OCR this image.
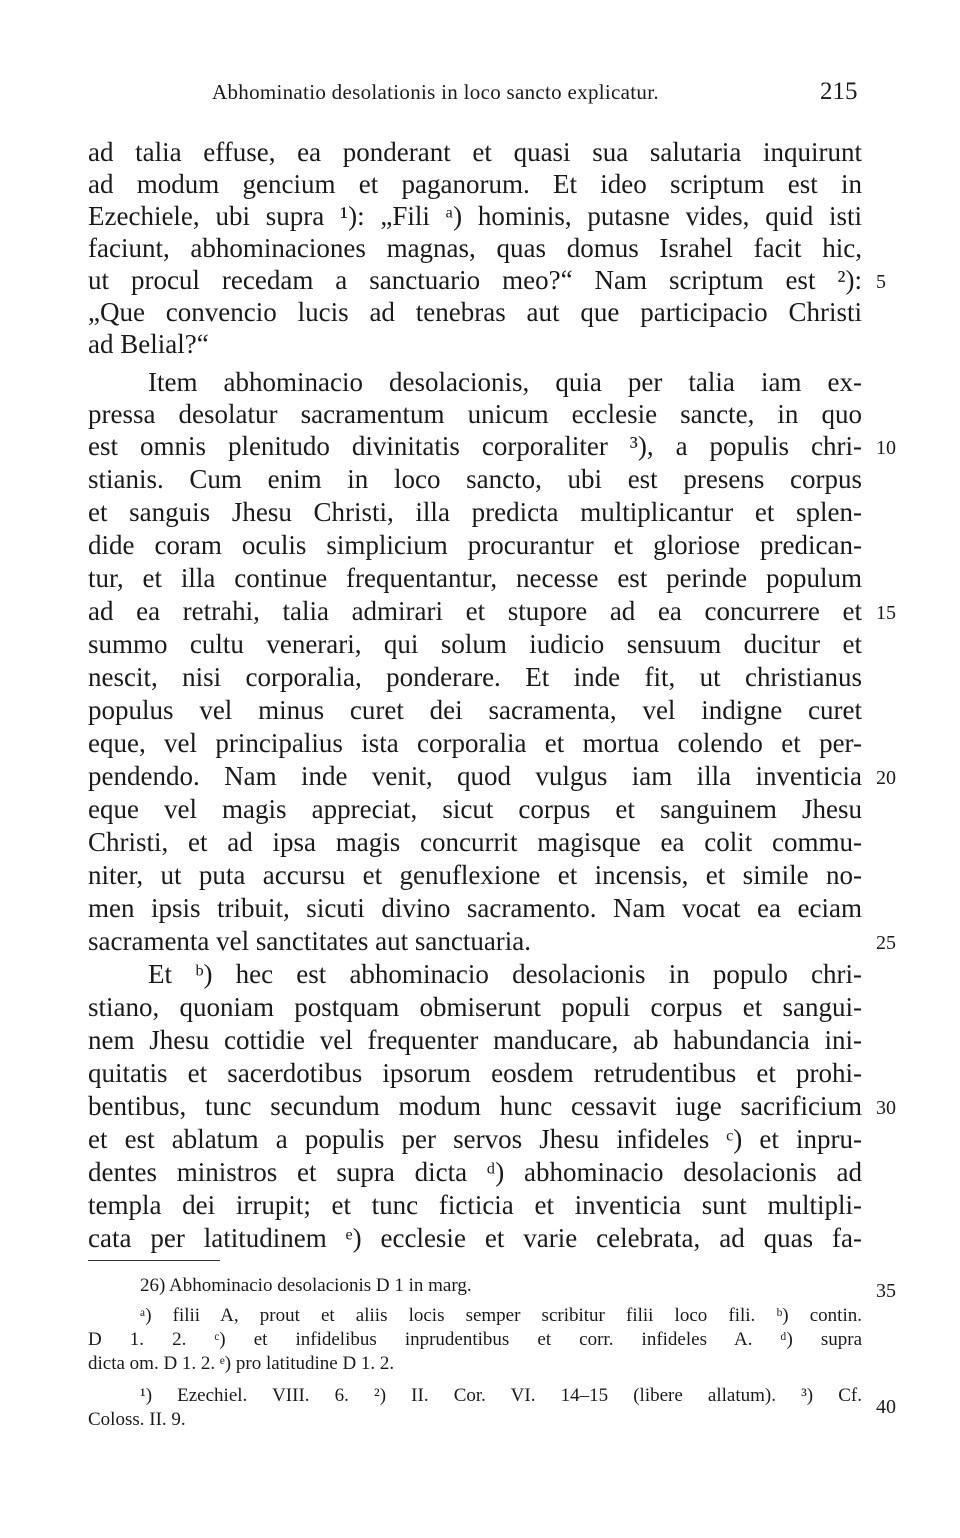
Abhominatio desolationis in loco sancto explicatur.	215
ad talia effuse, ea ponderant et quasi sua salutaria inquirunt
ad modum gencium et paganorum. Et ideo scriptum est in
Ezechiele, ubi supra ¹): „Fili ᵃ) hominis, putasne vides, quid isti
faciunt, abhominaciones magnas, quas domus Israhel facit hic,
ut procul recedam a sanctuario meo?“ Nam scriptum est ²):
„Que convencio lucis ad tenebras aut que participacio Christi
ad Belial?“
Item abhominacio desolacionis, quia per talia iam ex-
pressa desolatur sacramentum unicum ecclesie sancte, in quo
est omnis plenitudo divinitatis corporaliter ³), a populis chri-
stianis. Cum enim in loco sancto, ubi est presens corpus
et sanguis Jhesu Christi, illa predicta multiplicantur et splen-
dide coram oculis simplicium procurantur et gloriose predican-
tur, et illa continue frequentantur, necesse est perinde populum
ad ea retrahi, talia admirari et stupore ad ea concurrere et
summo cultu venerari, qui solum iudicio sensuum ducitur et
nescit, nisi corporalia, ponderare. Et inde fit, ut christianus
populus vel minus curet dei sacramenta, vel indigne curet
eque, vel principalius ista corporalia et mortua colendo et per-
pendendo. Nam inde venit, quod vulgus iam illa inventicia
eque vel magis appreciat, sicut corpus et sanguinem Jhesu
Christi, et ad ipsa magis concurrit magisque ea colit commu-
niter, ut puta accursu et genuflexione et incensis, et simile no-
men ipsis tribuit, sicuti divino sacramento. Nam vocat ea eciam
sacramenta vel sanctitates aut sanctuaria.
Et ᵇ) hec est abhominacio desolacionis in populo chri-
stiano, quoniam postquam obmiserunt populi corpus et sangui-
nem Jhesu cottidie vel frequenter manducare, ab habundancia ini-
quitatis et sacerdotibus ipsorum eosdem retrudentibus et prohi-
bentibus, tunc secundum modum hunc cessavit iuge sacrificium
et est ablatum a populis per servos Jhesu infideles ᶜ) et inpru-
dentes ministros et supra dicta ᵈ) abhominacio desolacionis ad
templa dei irrupit; et tunc ficticia et inventicia sunt multipli-
cata per latitudinem ᵉ) ecclesie et varie celebrata, ad quas fa-
5
10
15
20
25
30
35
40
26) Abhominacio desolacionis D 1 in marg.
ᵃ) filii A, prout et aliis locis semper scribitur filii loco fili. ᵇ) contin.
D 1. 2. ᶜ) et infidelibus inprudentibus et corr. infideles A. ᵈ) supra
dicta om. D 1. 2. ᵉ) pro latitudine D 1. 2.
¹) Ezechiel. VIII. 6. ²) II. Cor. VI. 14–15 (libere allatum). ³) Cf.
Coloss. II. 9.
